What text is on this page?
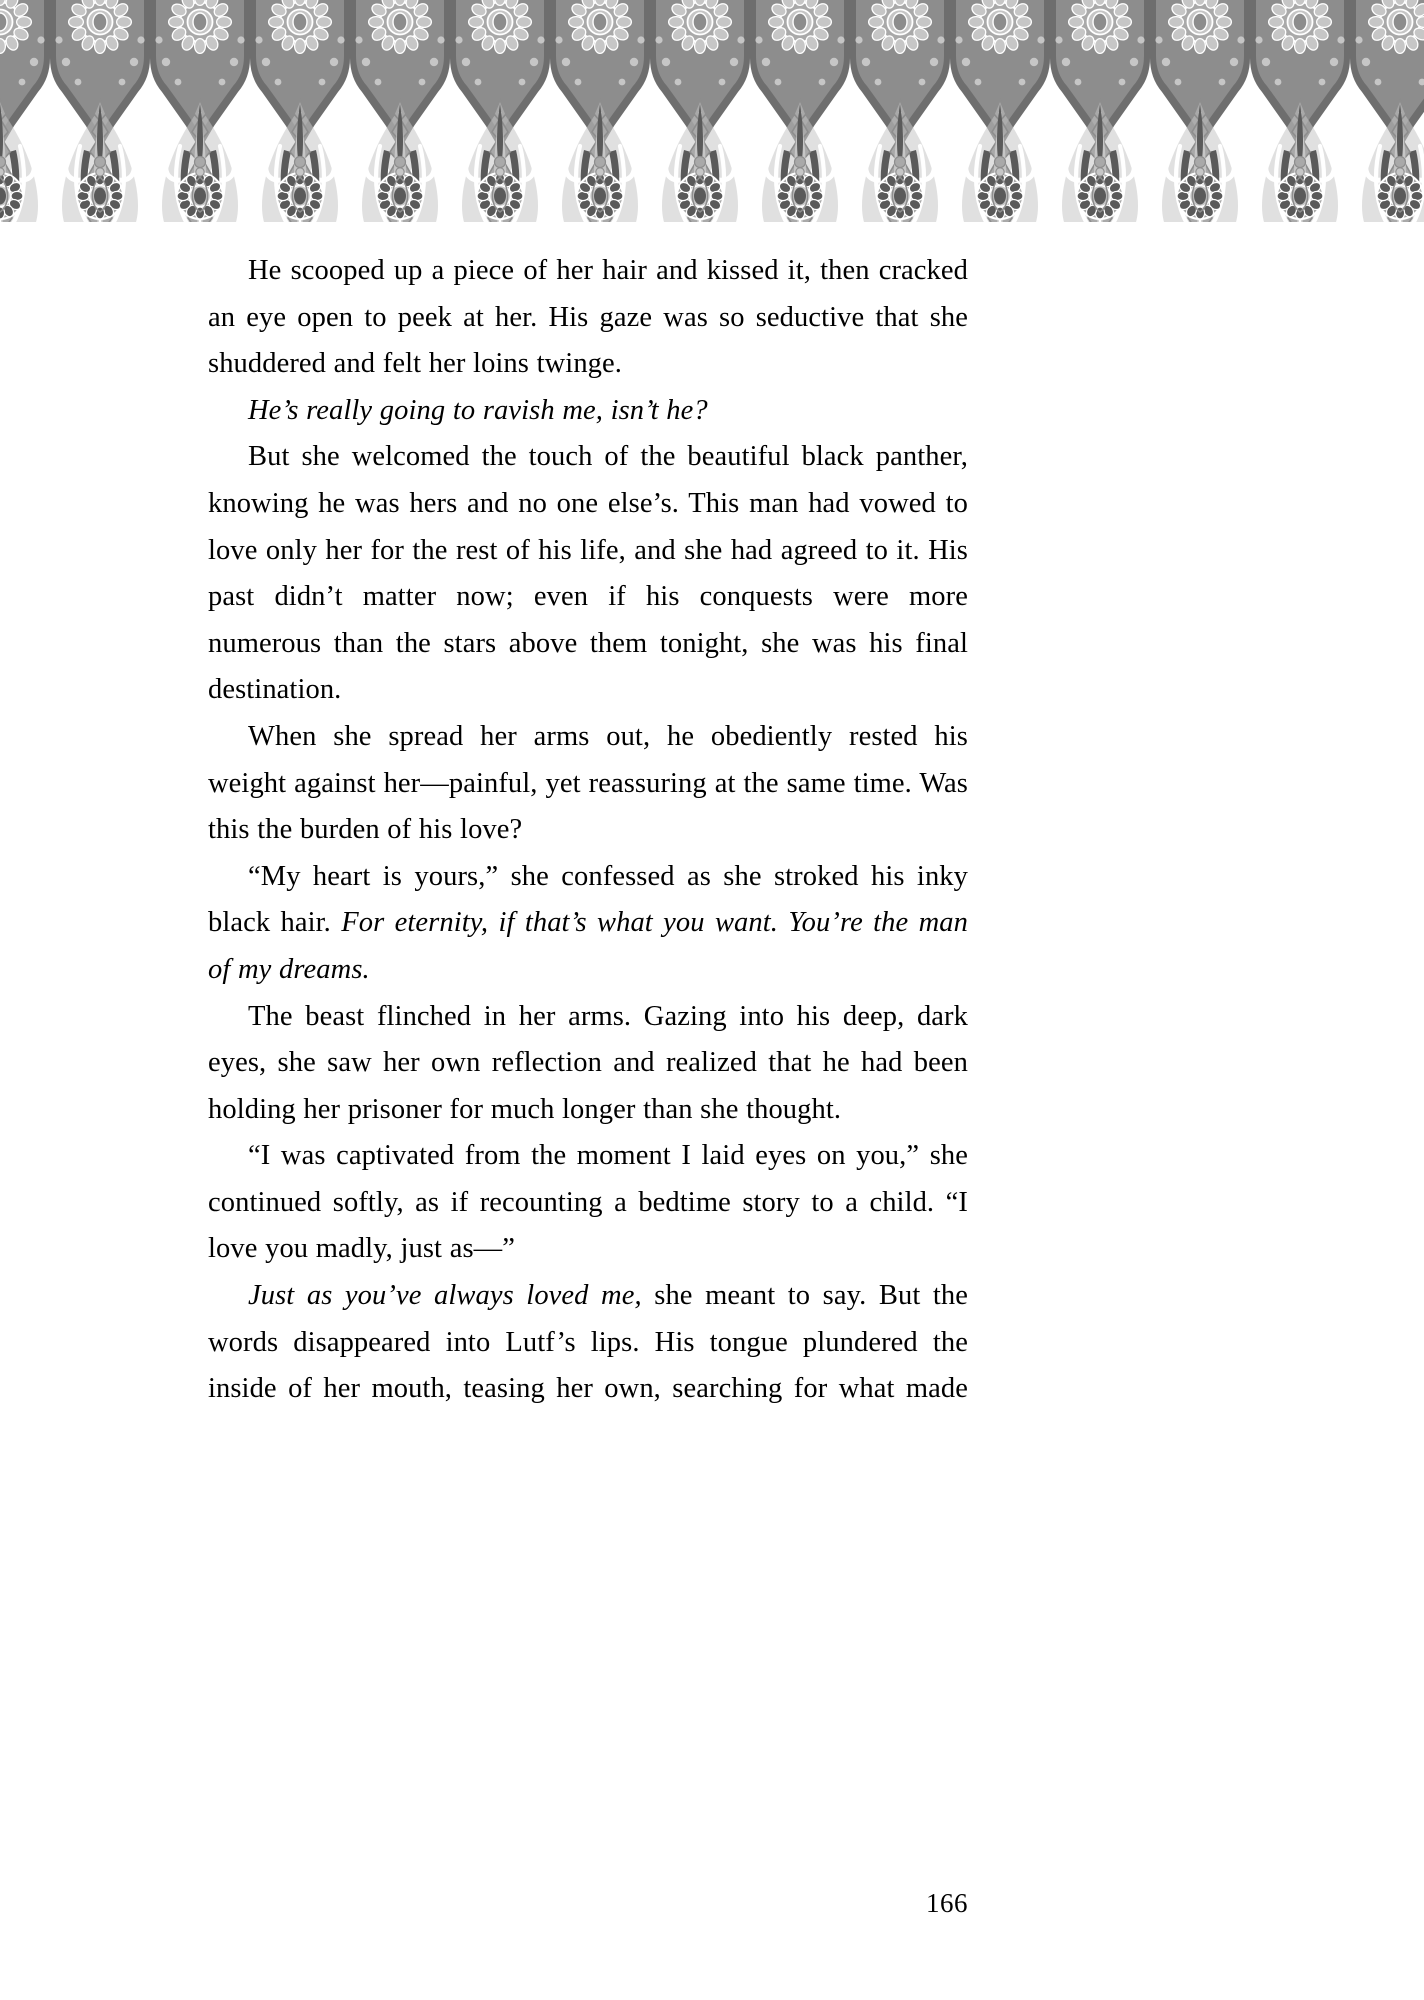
He scooped up a piece of her hair and kissed it, then cracked an eye open to peek at her. His gaze was so seductive that she shuddered and felt her loins twinge.

He’s really going to ravish me, isn’t he?

But she welcomed the touch of the beautiful black panther, knowing he was hers and no one else’s. This man had vowed to love only her for the rest of his life, and she had agreed to it. His past didn’t matter now; even if his conquests were more numerous than the stars above them tonight, she was his final destination.

When she spread her arms out, he obediently rested his weight against her—painful, yet reassuring at the same time. Was this the burden of his love?

“My heart is yours,” she confessed as she stroked his inky black hair. For eternity, if that’s what you want. You’re the man of my dreams.

The beast flinched in her arms. Gazing into his deep, dark eyes, she saw her own reflection and realized that he had been holding her prisoner for much longer than she thought.

“I was captivated from the moment I laid eyes on you,” she continued softly, as if recounting a bedtime story to a child. “I love you madly, just as—”

Just as you’ve always loved me, she meant to say. But the words disappeared into Lutf’s lips. His tongue plundered the inside of her mouth, teasing her own, searching for what made

166
